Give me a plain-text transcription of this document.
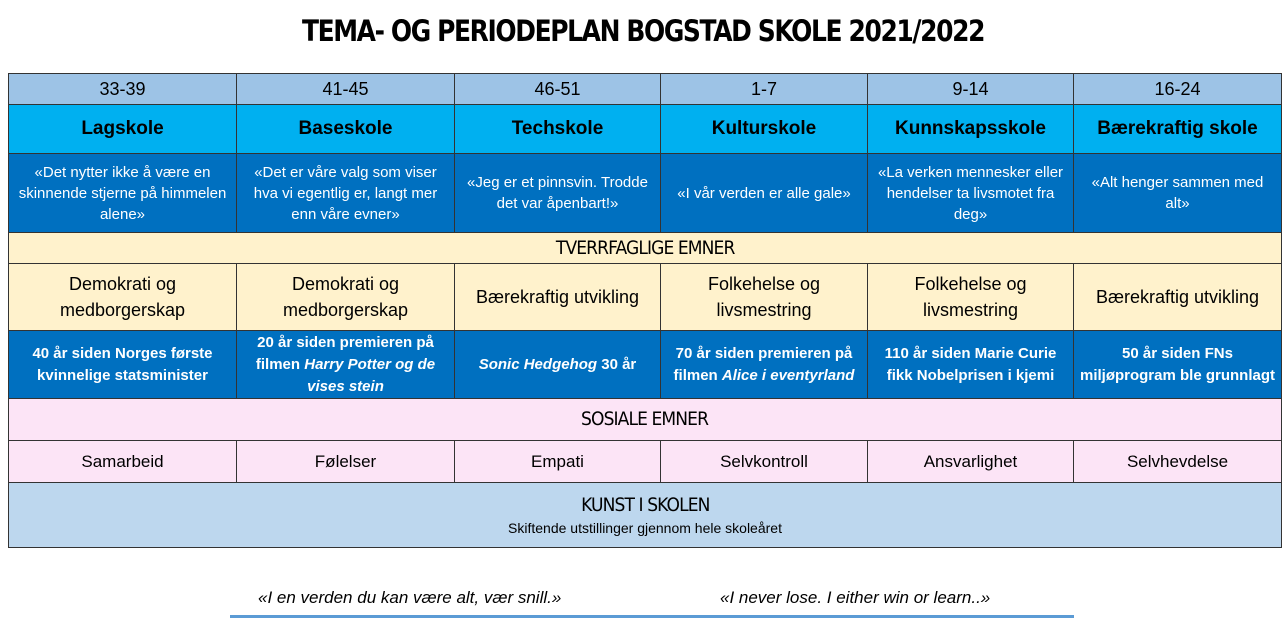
TEMA- OG PERIODEPLAN BOGSTAD SKOLE 2021/2022
33-39	41-45	46-51	1-7	9-14	16-24
Lagskole	Baseskole	Techskole	Kulturskole	Kunnskapsskole	Bærekraftig skole
«Det nytter ikke å være en skinnende stjerne på himmelen alene»	«Det er våre valg som viser hva vi egentlig er, langt mer enn våre evner»	«Jeg er et pinnsvin. Trodde det var åpenbart!»	«I vår verden er alle gale»	«La verken mennesker eller hendelser ta livsmotet fra deg»	«Alt henger sammen med alt»
TVERRFAGLIGE EMNER					
Demokrati og medborgerskap	Demokrati og medborgerskap	Bærekraftig utvikling	Folkehelse og livsmestring	Folkehelse og livsmestring	Bærekraftig utvikling
40 år siden Norges første kvinnelige statsminister	20 år siden premieren på filmen Harry Potter og de vises stein	Sonic Hedgehog 30 år	70 år siden premieren på filmen Alice i eventyrland	110 år siden Marie Curie fikk Nobelprisen i kjemi	50 år siden FNs miljøprogram ble grunnlagt
SOSIALE EMNER					
Samarbeid	Følelser	Empati	Selvkontroll	Ansvarlighet	Selvhevdelse

KUNST I SKOLEN
Skiftende utstillinger gjennom hele skoleåret					
«I en verden du kan være alt, vær snill.»	«I never lose. I either win or learn..»
